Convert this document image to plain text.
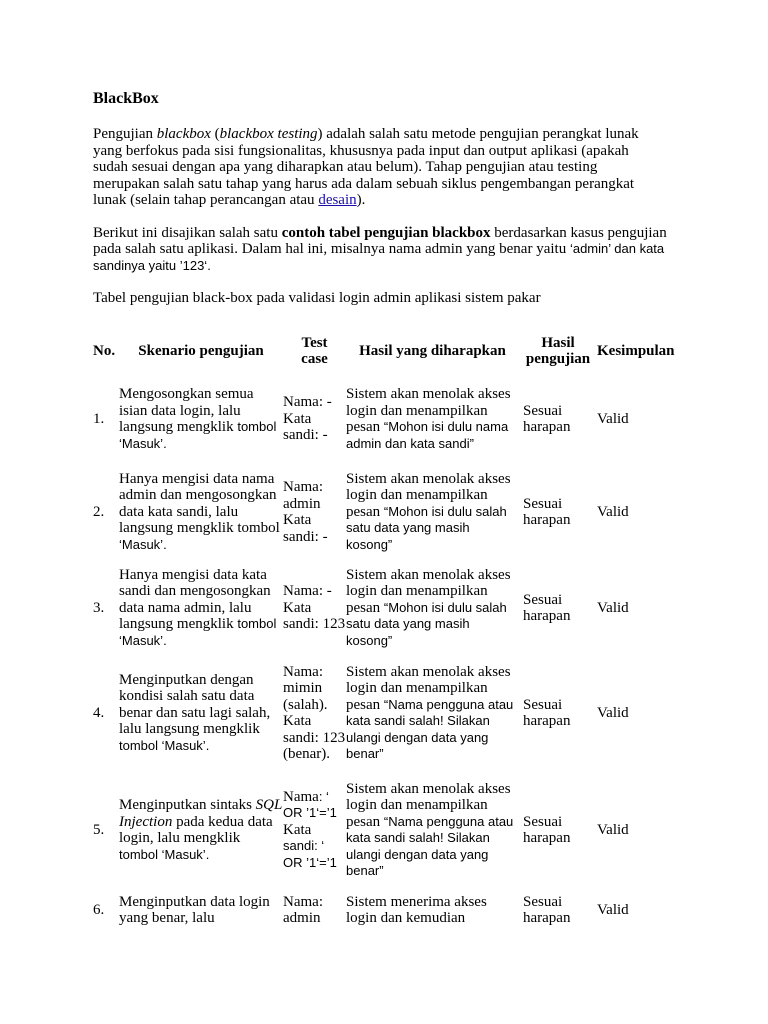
BlackBox

Pengujian blackbox (blackbox testing) adalah salah satu metode pengujian perangkat lunak yang berfokus pada sisi fungsionalitas, khususnya pada input dan output aplikasi (apakah sudah sesuai dengan apa yang diharapkan atau belum). Tahap pengujian atau testing merupakan salah satu tahap yang harus ada dalam sebuah siklus pengembangan perangkat lunak (selain tahap perancangan atau desain).

Berikut ini disajikan salah satu contoh tabel pengujian blackbox berdasarkan kasus pengujian pada salah satu aplikasi. Dalam hal ini, misalnya nama admin yang benar yaitu ‘admin’ dan kata sandinya yaitu ’123‘.

Tabel pengujian black-box pada validasi login admin aplikasi sistem pakar

No.	Skenario pengujian	Test case	Hasil yang diharapkan	Hasil pengujian	Kesimpulan
1.	Mengosongkan semua isian data login, lalu langsung mengklik tombol ‘Masuk’.	Nama: - Kata sandi: -	Sistem akan menolak akses login dan menampilkan pesan “Mohon isi dulu nama admin dan kata sandi”	Sesuai harapan	Valid
2.	Hanya mengisi data nama admin dan mengosongkan data kata sandi, lalu langsung mengklik tombol ‘Masuk’.	Nama: admin Kata sandi: -	Sistem akan menolak akses login dan menampilkan pesan “Mohon isi dulu salah satu data yang masih kosong”	Sesuai harapan	Valid
3.	Hanya mengisi data kata sandi dan mengosongkan data nama admin, lalu langsung mengklik tombol ‘Masuk’.	Nama: - Kata sandi: 123	Sistem akan menolak akses login dan menampilkan pesan “Mohon isi dulu salah satu data yang masih kosong”	Sesuai harapan	Valid
4.	Menginputkan dengan kondisi salah satu data benar dan satu lagi salah, lalu langsung mengklik tombol ‘Masuk’.	Nama: mimin (salah). Kata sandi: 123 (benar).	Sistem akan menolak akses login dan menampilkan pesan “Nama pengguna atau kata sandi salah! Silakan ulangi dengan data yang benar”	Sesuai harapan	Valid
5.	Menginputkan sintaks SQL Injection pada kedua data login, lalu mengklik tombol ‘Masuk’.	Nama: ‘ OR ’1‘=’1 Kata sandi: ‘ OR ’1‘=’1	Sistem akan menolak akses login dan menampilkan pesan “Nama pengguna atau kata sandi salah! Silakan ulangi dengan data yang benar”	Sesuai harapan	Valid
6.	Menginputkan data login yang benar, lalu	Nama: admin	Sistem menerima akses login dan kemudian	Sesuai harapan	Valid
